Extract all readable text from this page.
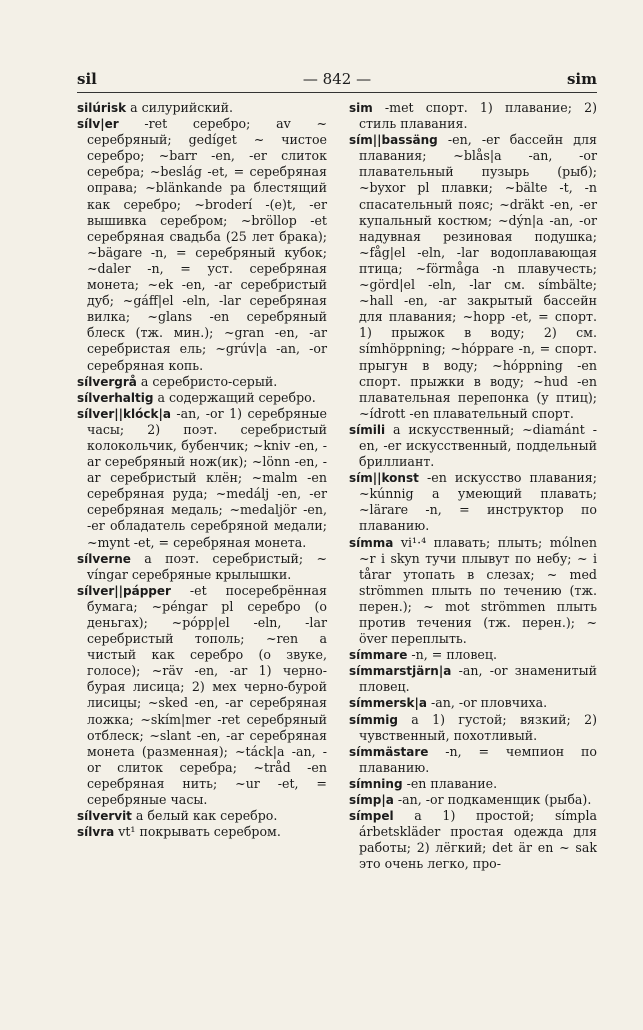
sil	— 842 —	sim

silúrisk a силурийский.

sílv|er -ret серебро; av ~ серебряный; gedíget ~ чистое серебро; ~barr -en, -er слиток серебра; ~beslág -et, = серебряная оправа; ~blänkande pa блестящий как серебро; ~broderí -(e)t, -er вышивка серебром; ~bröllop -et серебряная свадьба (25 лет брака); ~bägare -n, = серебряный кубок; ~daler -n, = уст. серебряная монета; ~ek -en, -ar серебристый дуб; ~gáff|el -eln, -lar серебряная вилка; ~glans -en серебряный блеск (тж. мин.); ~gran -en, -ar серебристая ель; ~grúv|a -an, -or серебряная копь.

sílvergrå a серебристо-серый.

sílverhaltig a содержащий серебро.

sílver||klóck|a -an, -or 1) серебряные часы; 2) поэт. серебристый колокольчик, бубенчик; ~kniv -en, -ar серебряный нож(ик); ~lönn -en, -ar серебристый клён; ~malm -en серебряная руда; ~medálj -en, -er серебряная медаль; ~medaljör -en, -er обладатель серебряной медали; ~mynt -et, = серебряная монета.

sílverne a поэт. серебристый; ~ víngar серебряные крылышки.

sílver||pápper -et посеребрённая бумага; ~péngar pl серебро (о деньгах); ~pópp|el -eln, -lar серебристый тополь; ~ren a чистый как серебро (о звуке, голосе); ~räv -en, -ar 1) черно-бурая лисица; 2) мех черно-бурой лисицы; ~sked -en, -ar серебряная ложка; ~skím|mer -ret серебряный отблеск; ~slant -en, -ar серебряная монета (разменная); ~táck|a -an, -or слиток серебра; ~tråd -en серебряная нить; ~ur -et, = серебряные часы.

sílvervit a белый как серебро.

sílvra vt¹ покрывать серебром.

sim -met спорт. 1) плавание; 2) стиль плавания.

sím||bassäng -en, -er бассейн для плавания; ~blås|a -an, -or плавательный пузырь (рыб); ~byxor pl плавки; ~bälte -t, -n спасательный пояс; ~dräkt -en, -er купальный костюм; ~dýn|a -an, -or надувная резиновая подушка; ~fåg|el -eln, -lar водоплавающая птица; ~förmåga -n плавучесть; ~görd|el -eln, -lar см. símbälte; ~hall -en, -ar закрытый бассейн для плавания; ~hopp -et, = спорт. 1) прыжок в воду; 2) см. símhöppning; ~hóppare -n, = спорт. прыгун в воду; ~hóppning -en спорт. прыжки в воду; ~hud -en плавательная перепонка (у птиц); ~ídrott -en плавательный спорт.

símili a искусственный; ~diamánt -en, -er искусственный, поддельный бриллиант.

sím||konst -en искусство плавания; ~kúnnig a умеющий плавать; ~lärare -n, = инструктор по плаванию.

símma vi¹·⁴ плавать; плыть; mólnen ~r i skyn тучи плывут по небу; ~ i tårar утопать в слезах; ~ med strömmen плыть по течению (тж. перен.); ~ mot strömmen плыть против течения (тж. перен.); ~ över переплыть.

símmare -n, = пловец.

símmarstjärn|a -an, -or знаменитый пловец.

símmersk|a -an, -or пловчиха.

símmig a 1) густой; вязкий; 2) чувственный, похотливый.

símmästare -n, = чемпион по плаванию.

símning -en плавание.

símp|a -an, -or подкаменщик (рыба).

símpel a 1) простой; símpla árbetskläder простая одежда для работы; 2) лёгкий; det är en ~ sak это очень легко, про-
